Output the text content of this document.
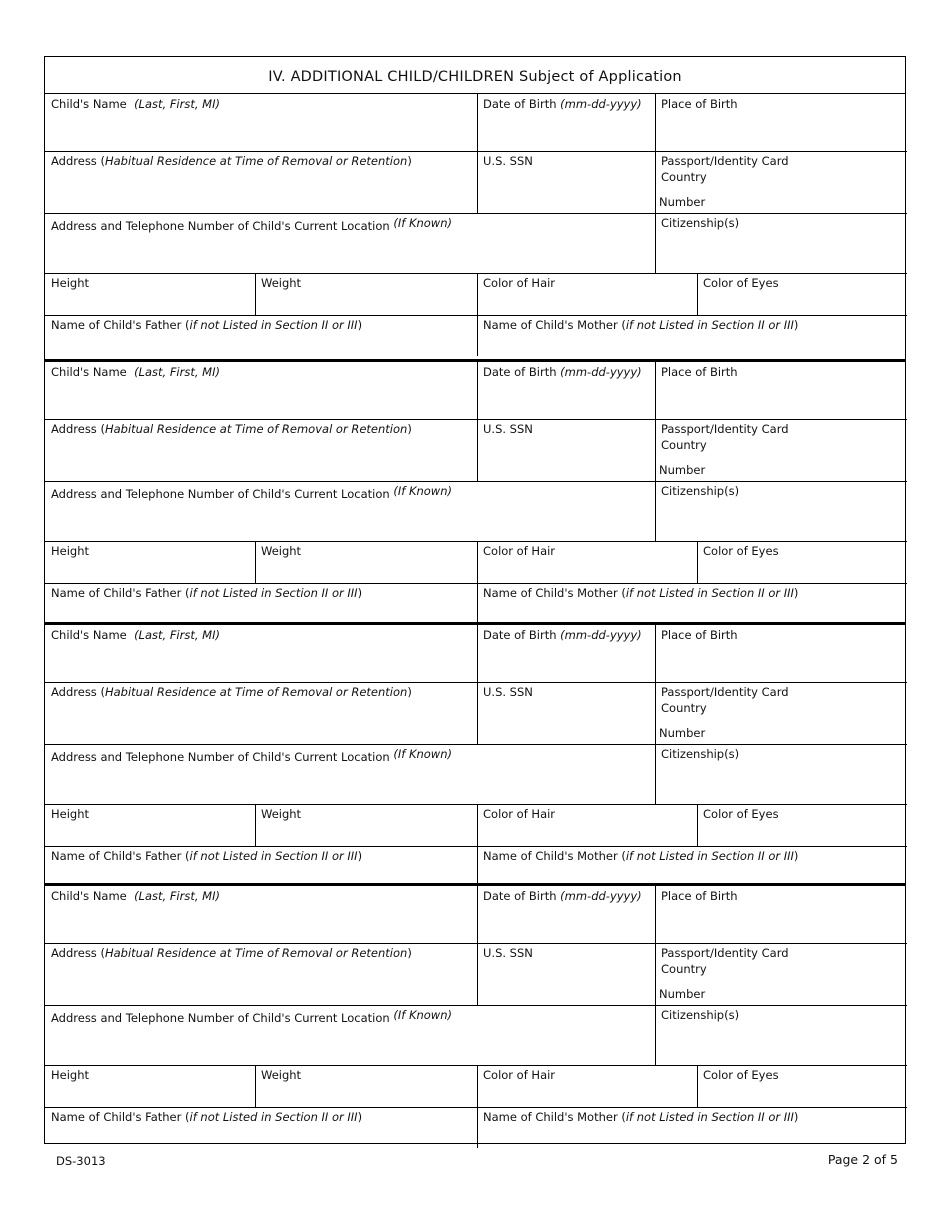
IV. ADDITIONAL CHILD/CHILDREN Subject of Application
Child's Name (Last, First, MI)	Date of Birth (mm-dd-yyyy)	Place of Birth
Address (Habitual Residence at Time of Removal or Retention)	U.S. SSN	Passport/Identity Card
Country
Number
Address and Telephone Number of Child's Current Location (If Known)	Citizenship(s)
Height	Weight	Color of Hair	Color of Eyes
Name of Child's Father (if not Listed in Section II or III)	Name of Child's Mother (if not Listed in Section II or III)
Child's Name (Last, First, MI)	Date of Birth (mm-dd-yyyy)	Place of Birth
Address (Habitual Residence at Time of Removal or Retention)	U.S. SSN	Passport/Identity Card
Country
Number
Address and Telephone Number of Child's Current Location (If Known)	Citizenship(s)
Height	Weight	Color of Hair	Color of Eyes
Name of Child's Father (if not Listed in Section II or III)	Name of Child's Mother (if not Listed in Section II or III)
Child's Name (Last, First, MI)	Date of Birth (mm-dd-yyyy)	Place of Birth
Address (Habitual Residence at Time of Removal or Retention)	U.S. SSN	Passport/Identity Card
Country
Number
Address and Telephone Number of Child's Current Location (If Known)	Citizenship(s)
Height	Weight	Color of Hair	Color of Eyes
Name of Child's Father (if not Listed in Section II or III)	Name of Child's Mother (if not Listed in Section II or III)
Child's Name (Last, First, MI)	Date of Birth (mm-dd-yyyy)	Place of Birth
Address (Habitual Residence at Time of Removal or Retention)	U.S. SSN	Passport/Identity Card
Country
Number
Address and Telephone Number of Child's Current Location (If Known)	Citizenship(s)
Height	Weight	Color of Hair	Color of Eyes
Name of Child's Father (if not Listed in Section II or III)	Name of Child's Mother (if not Listed in Section II or III)
DS-3013	Page 2 of 5
